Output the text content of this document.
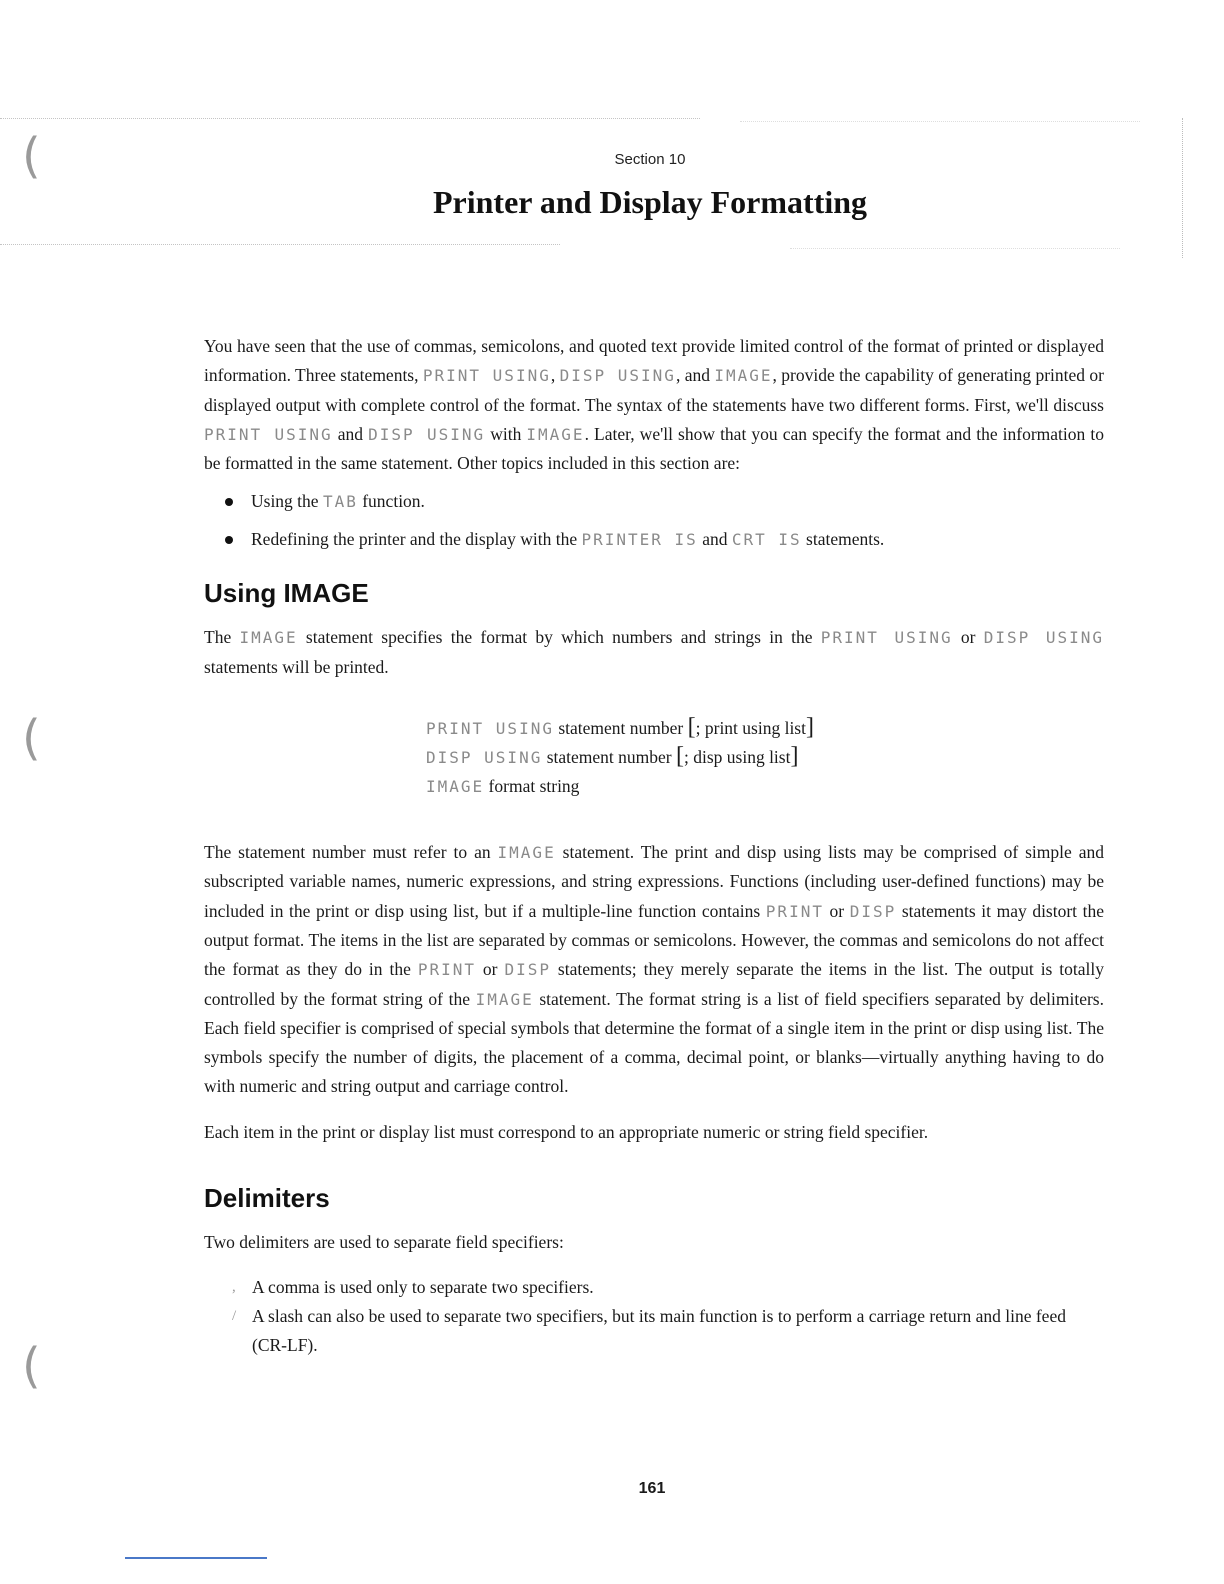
(
(
(
Section 10
Printer and Display Formatting

You have seen that the use of commas, semicolons, and quoted text provide limited control of the format of printed or displayed information. Three statements, PRINT USING, DISP USING, and IMAGE, provide the capability of generating printed or displayed output with complete control of the format. The syntax of the statements have two different forms. First, we'll discuss PRINT USING and DISP USING with IMAGE. Later, we'll show that you can specify the format and the information to be formatted in the same statement. Other topics included in this section are:

Using the TAB function.
Redefining the printer and the display with the PRINTER IS and CRT IS statements.
Using IMAGE

The IMAGE statement specifies the format by which numbers and strings in the PRINT USING or DISP USING statements will be printed.

PRINT USING statement number [; print using list]
DISP USING statement number [; disp using list]
IMAGE format string

The statement number must refer to an IMAGE statement. The print and disp using lists may be comprised of simple and subscripted variable names, numeric expressions, and string expressions. Functions (including user-defined functions) may be included in the print or disp using list, but if a multiple-line function contains PRINT or DISP statements it may distort the output format. The items in the list are separated by commas or semicolons. However, the commas and semicolons do not affect the format as they do in the PRINT or DISP statements; they merely separate the items in the list. The output is totally controlled by the format string of the IMAGE statement. The format string is a list of field specifiers separated by delimiters. Each field specifier is comprised of special symbols that determine the format of a single item in the print or disp using list. The symbols specify the number of digits, the placement of a comma, decimal point, or blanks—virtually anything having to do with numeric and string output and carriage control.

Each item in the print or display list must correspond to an appropriate numeric or string field specifier.

Delimiters

Two delimiters are used to separate field specifiers:

, A comma is used only to separate two specifiers.
/ A slash can also be used to separate two specifiers, but its main function is to perform a carriage return and line feed (CR-LF).
161
